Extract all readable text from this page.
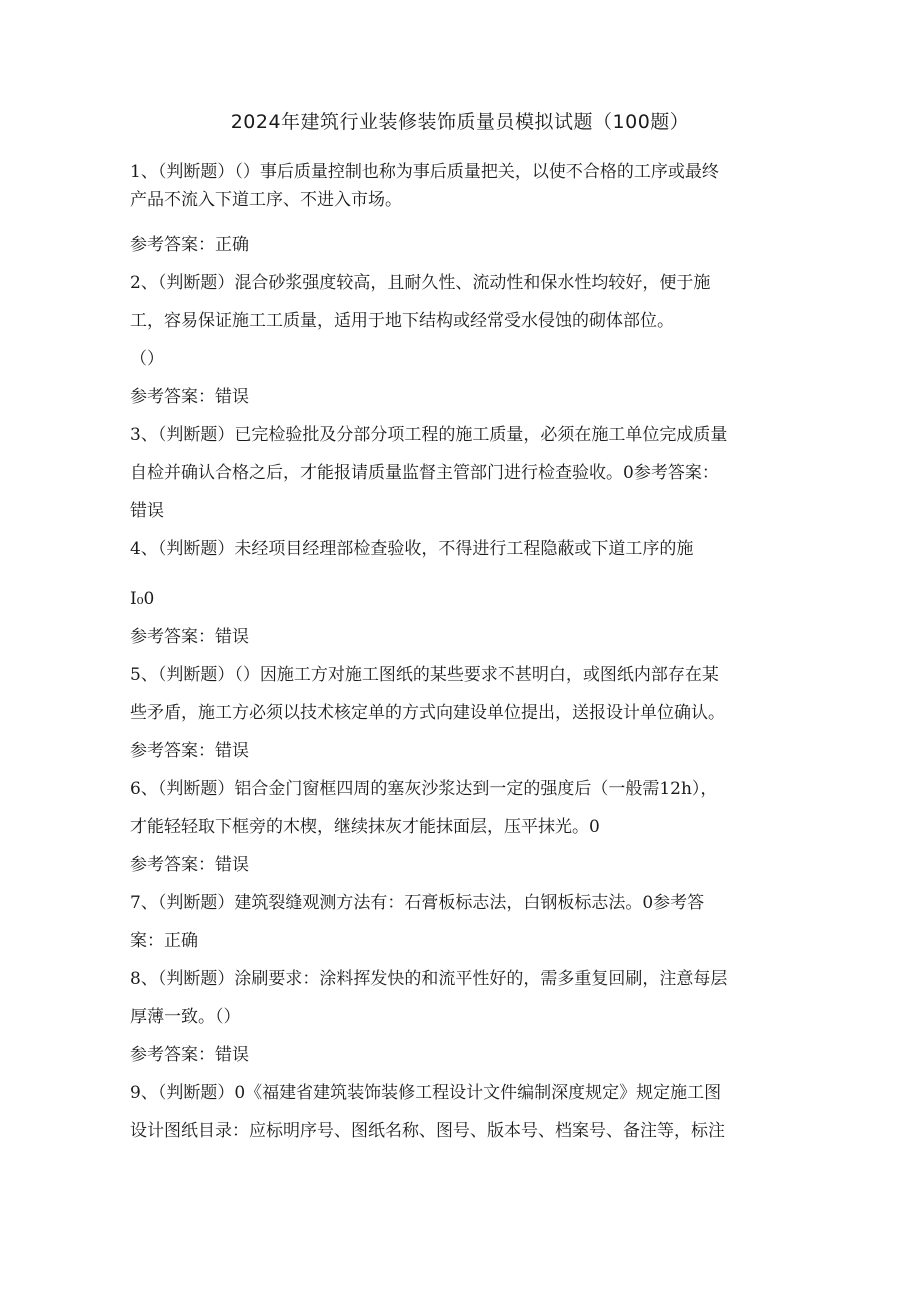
2024年建筑行业装修装饰质量员模拟试题（100题）
1、（判断题）（）事后质量控制也称为事后质量把关，以使不合格的工序或最终
产品不流入下道工序、不进入市场。
参考答案：正确
2、（判断题）混合砂浆强度较高，且耐久性、流动性和保水性均较好，便于施
工，容易保证施工工质量，适用于地下结构或经常受水侵蚀的砌体部位。
（）
参考答案：错误
3、（判断题）已完检验批及分部分项工程的施工质量，必须在施工单位完成质量
自检并确认合格之后，才能报请质量监督主管部门进行检查验收。0参考答案：
错误
4、（判断题）未经项目经理部检查验收，不得进行工程隐蔽或下道工序的施
I₀0
参考答案：错误
5、（判断题）（）因施工方对施工图纸的某些要求不甚明白，或图纸内部存在某
些矛盾，施工方必须以技术核定单的方式向建设单位提出，送报设计单位确认。
参考答案：错误
6、（判断题）铝合金门窗框四周的塞灰沙浆达到一定的强度后（一般需12h），
才能轻轻取下框旁的木楔，继续抹灰才能抹面层，压平抹光。0
参考答案：错误
7、（判断题）建筑裂缝观测方法有：石膏板标志法，白钢板标志法。0参考答
案：正确
8、（判断题）涂刷要求：涂料挥发快的和流平性好的，需多重复回刷，注意每层
厚薄一致。（）
参考答案：错误
9、（判断题）0《福建省建筑装饰装修工程设计文件编制深度规定》规定施工图
设计图纸目录：应标明序号、图纸名称、图号、版本号、档案号、备注等，标注
